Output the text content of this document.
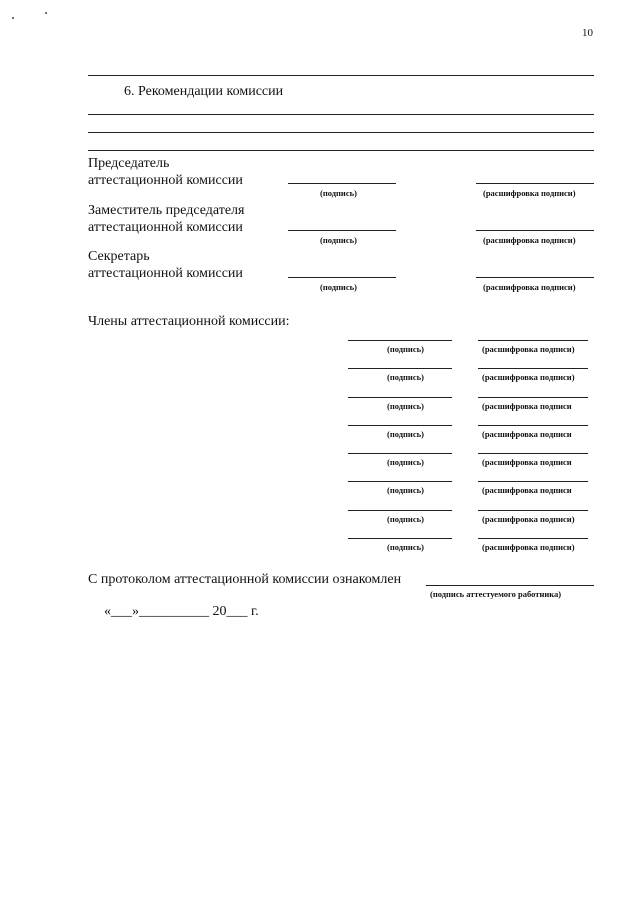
10
6. Рекомендации комиссии
Председатель
аттестационной комиссии
(подпись)	(расшифровка подписи)
Заместитель председателя
аттестационной комиссии
(подпись)	(расшифровка подписи)
Секретарь
аттестационной комиссии
(подпись)	(расшифровка подписи)
Члены аттестационной комиссии:
(подпись)	(расшифровка подписи)
(подпись)	(расшифровка подписи)
(подпись)	(расшифровка подписи
(подпись)	(расшифровка подписи
(подпись)	(расшифровка подписи
(подпись)	(расшифровка подписи
(подпись)	(расшифровка подписи)
(подпись)	(расшифровка подписи)
С протоколом аттестационной комиссии ознакомлен
(подпись аттестуемого работника)
«___»__________ 20___ г.
